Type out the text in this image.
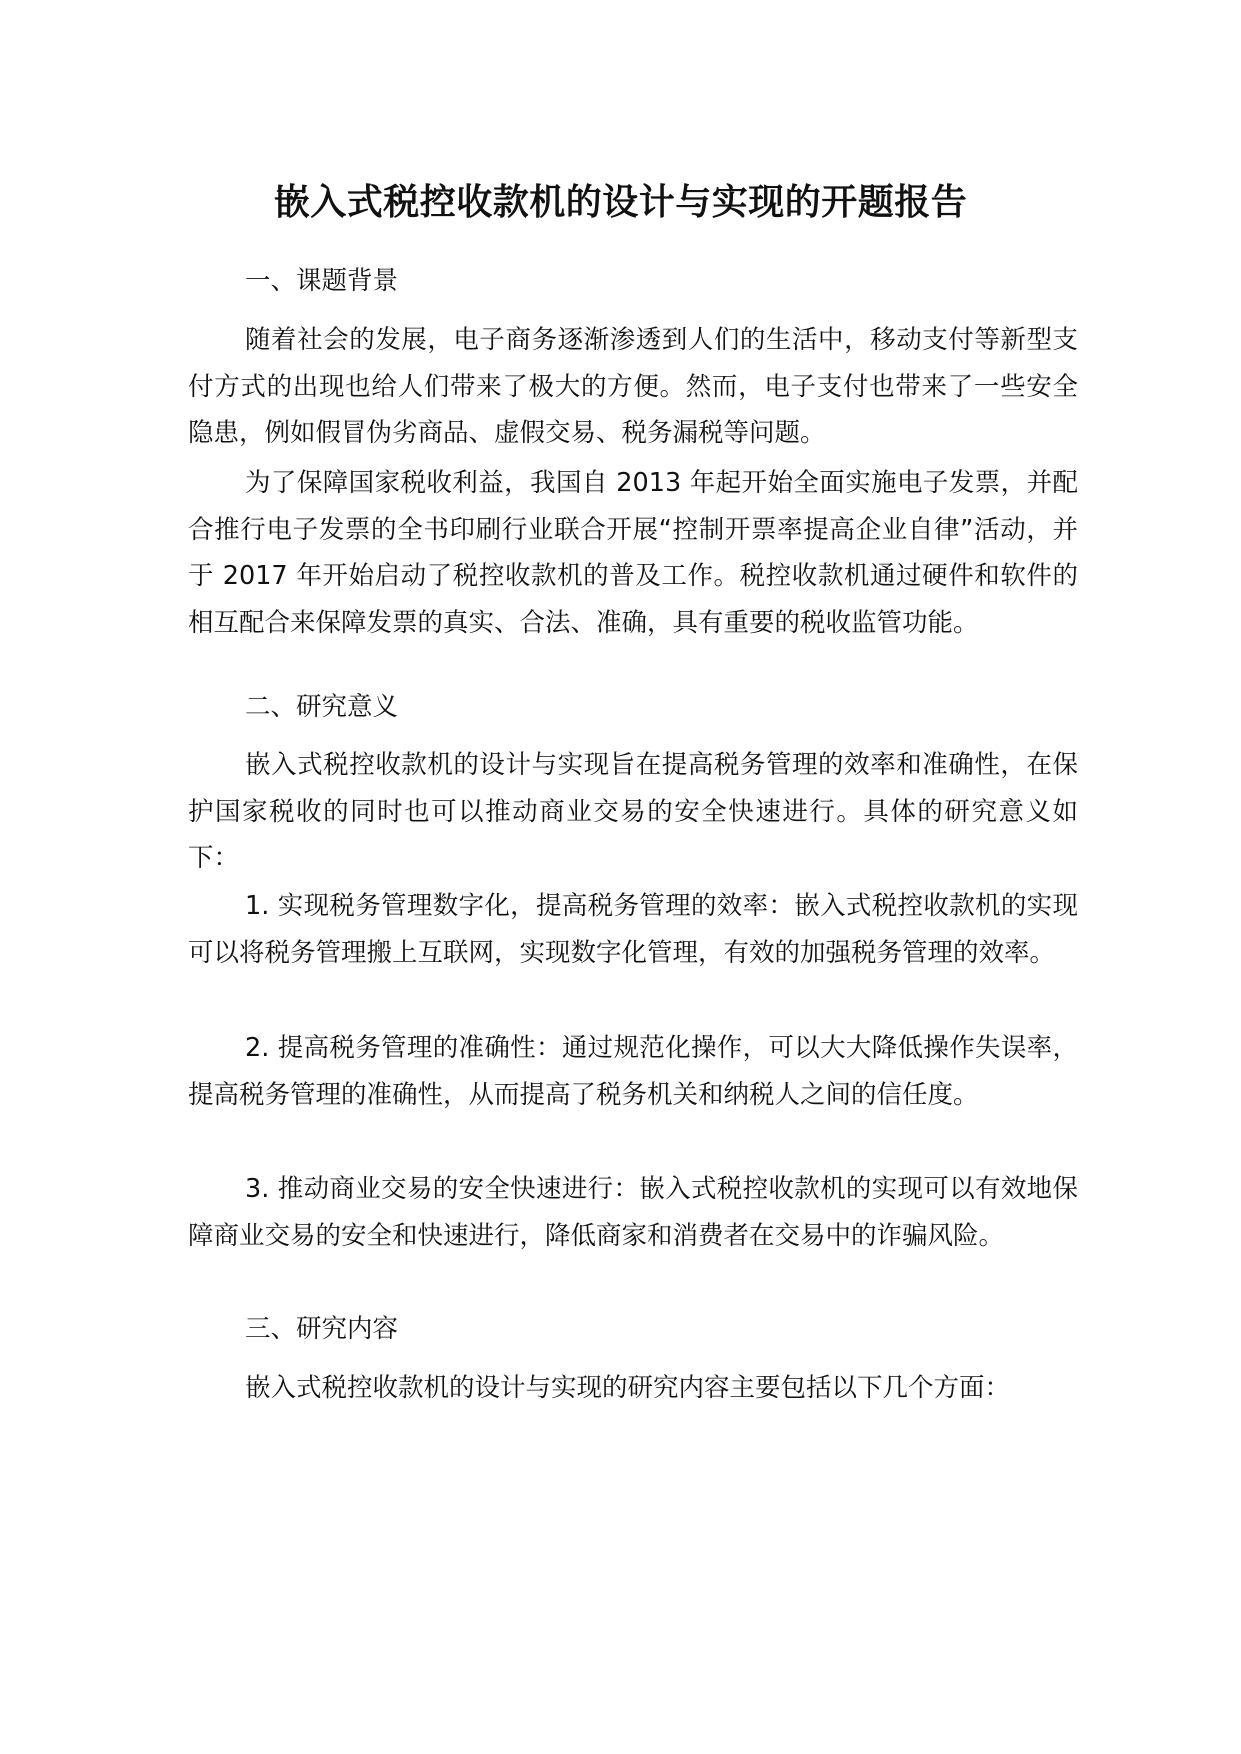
嵌入式税控收款机的设计与实现的开题报告
一、课题背景

随着社会的发展，电子商务逐渐渗透到人们的生活中，移动支付等新型支付方式的出现也给人们带来了极大的方便。然而，电子支付也带来了一些安全隐患，例如假冒伪劣商品、虚假交易、税务漏税等问题。

为了保障国家税收利益，我国自 2013 年起开始全面实施电子发票，并配合推行电子发票的全书印刷行业联合开展“控制开票率提高企业自律”活动，并于 2017 年开始启动了税控收款机的普及工作。税控收款机通过硬件和软件的相互配合来保障发票的真实、合法、准确，具有重要的税收监管功能。

二、研究意义

嵌入式税控收款机的设计与实现旨在提高税务管理的效率和准确性，在保护国家税收的同时也可以推动商业交易的安全快速进行。具体的研究意义如下：

1. 实现税务管理数字化，提高税务管理的效率：嵌入式税控收款机的实现可以将税务管理搬上互联网，实现数字化管理，有效的加强税务管理的效率。

2. 提高税务管理的准确性：通过规范化操作，可以大大降低操作失误率，提高税务管理的准确性，从而提高了税务机关和纳税人之间的信任度。

3. 推动商业交易的安全快速进行：嵌入式税控收款机的实现可以有效地保障商业交易的安全和快速进行，降低商家和消费者在交易中的诈骗风险。

三、研究内容

嵌入式税控收款机的设计与实现的研究内容主要包括以下几个方面：
